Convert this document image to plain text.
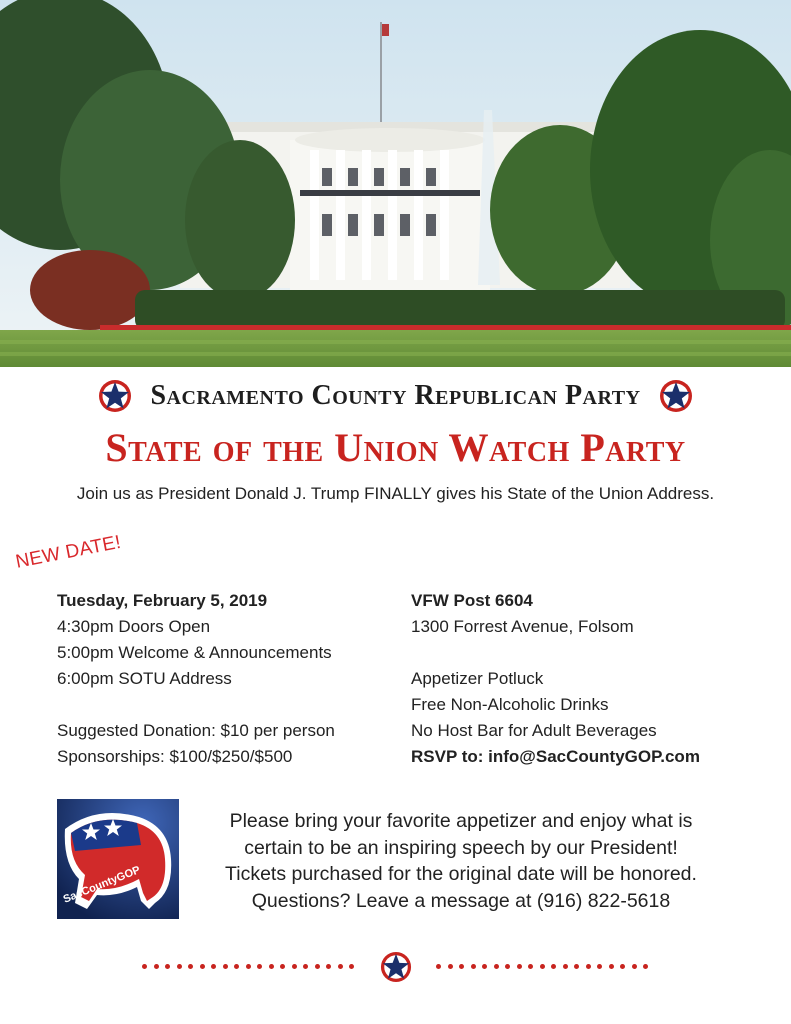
Sacramento County Republican Party
State of the Union Watch Party
Join us as President Donald J. Trump FINALLY gives his State of the Union Address.
NEW DATE!

Tuesday, February 5, 2019

4:30pm Doors Open

5:00pm Welcome & Announcements

6:00pm SOTU Address

Suggested Donation: $10 per person

Sponsorships: $100/$250/$500

VFW Post 6604

1300 Forrest Avenue, Folsom

Appetizer Potluck

Free Non-Alcoholic Drinks

No Host Bar for Adult Beverages

RSVP to: info@SacCountyGOP.com

SacCountyGOP

Please bring your favorite appetizer and enjoy what is

certain to be an inspiring speech by our President!

Tickets purchased for the original date will be honored.

Questions? Leave a message at (916) 822-5618
